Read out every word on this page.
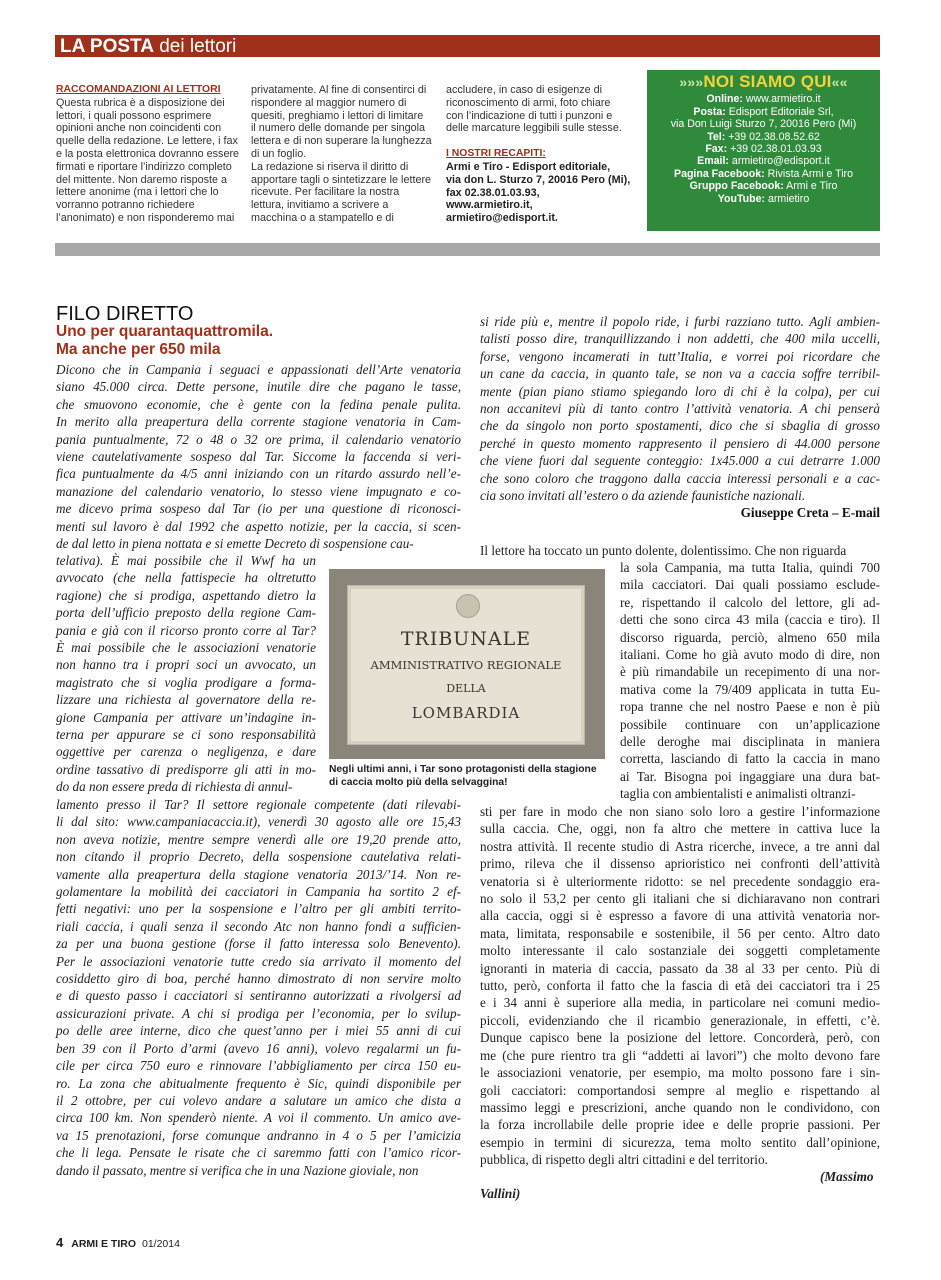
LA POSTA dei lettori

RACCOMANDAZIONI AI LETTORI

Questa rubrica è a disposizione dei
lettori, i quali possono esprimere
opinioni anche non coincidenti con
quelle della redazione. Le lettere, i fax
e la posta elettronica dovranno essere
firmati e riportare l’indirizzo completo
del mittente. Non daremo risposte a
lettere anonime (ma i lettori che lo
vorranno potranno richiedere
l’anonimato) e non risponderemo mai
privatamente. Al fine di consentirci di
rispondere al maggior numero di
quesiti, preghiamo i lettori di limitare
il numero delle domande per singola
lettera e di non superare la lunghezza
di un foglio.
La redazione si riserva il diritto di
apportare tagli o sintetizzare le lettere
ricevute. Per facilitare la nostra
lettura, invitiamo a scrivere a
macchina o a stampatello e di
accludere, in caso di esigenze di
riconoscimento di armi, foto chiare
con l’indicazione di tutti i punzoni e
delle marcature leggibili sulle stesse.

I NOSTRI RECAPITI:

Armi e Tiro - Edisport editoriale,
via don L. Sturzo 7, 20016 Pero (Mi),
fax 02.38.01.03.93,
www.armietiro.it,
armietiro@edisport.it.
»»»NOI SIAMO QUI««
Online: www.armietiro.it
Posta: Edisport Editoriale Srl,
via Don Luigi Sturzo 7, 20016 Pero (Mi)
Tel: +39 02.38.08.52.62
Fax: +39 02.38.01.03.93
Email: armietiro@edisport.it
Pagina Facebook: Rivista Armi e Tiro
Gruppo Facebook: Armi e Tiro
YouTube: armietiro
FILO DIRETTO
Uno per quarantaquattromila.
Ma anche per 650 mila
Dicono che in Campania i seguaci e appassionati dell’Arte venatoria
siano 45.000 circa. Dette persone, inutile dire che pagano le tasse,
che smuovono economie, che è gente con la fedina penale pulita.
In merito alla preapertura della corrente stagione venatoria in Cam-
pania puntualmente, 72 o 48 o 32 ore prima, il calendario venatorio
viene cautelativamente sospeso dal Tar. Siccome la faccenda si veri-
fica puntualmente da 4/5 anni iniziando con un ritardo assurdo nell’e-
manazione del calendario venatorio, lo stesso viene impugnato e co-
me dicevo prima sospeso dal Tar (io per una questione di riconosci-
menti sul lavoro è dal 1992 che aspetto notizie, per la caccia, si scen-
de dal letto in piena nottata e si emette Decreto di sospensione cau-
telativa). È mai possibile che il Wwf ha un
avvocato (che nella fattispecie ha oltretutto
ragione) che si prodiga, aspettando dietro la
porta dell’ufficio preposto della regione Cam-
pania e già con il ricorso pronto corre al Tar?
È mai possibile che le associazioni venatorie
non hanno tra i propri soci un avvocato, un
magistrato che si voglia prodigare a forma-
lizzare una richiesta al governatore della re-
gione Campania per attivare un’indagine in-
terna per appurare se ci sono responsabilità
oggettive per carenza o negligenza, e dare
ordine tassativo di predisporre gli atti in mo-
do da non essere preda di richiesta di annul-
lamento presso il Tar? Il settore regionale competente (dati rilevabi-
li dal sito: www.campaniacaccia.it), venerdì 30 agosto alle ore 15,43
non aveva notizie, mentre sempre venerdì alle ore 19,20 prende atto,
non citando il proprio Decreto, della sospensione cautelativa relati-
vamente alla preapertura della stagione venatoria 2013/’14. Non re-
golamentare la mobilità dei cacciatori in Campania ha sortito 2 ef-
fetti negativi: uno per la sospensione e l’altro per gli ambiti territo-
riali caccia, i quali senza il secondo Atc non hanno fondi a sufficien-
za per una buona gestione (forse il fatto interessa solo Benevento).
Per le associazioni venatorie tutte credo sia arrivato il momento del
cosiddetto giro di boa, perché hanno dimostrato di non servire molto
e di questo passo i cacciatori si sentiranno autorizzati a rivolgersi ad
assicurazioni private. A chi si prodiga per l’economia, per lo svilup-
po delle aree interne, dico che quest’anno per i miei 55 anni di cui
ben 39 con il Porto d’armi (avevo 16 anni), volevo regalarmi un fu-
cile per circa 750 euro e rinnovare l’abbigliamento per circa 150 eu-
ro. La zona che abitualmente frequento è Sic, quindi disponibile per
il 2 ottobre, per cui volevo andare a salutare un amico che dista a
circa 100 km. Non spenderò niente. A voi il commento. Un amico ave-
va 15 prenotazioni, forse comunque andranno in 4 o 5 per l’amicizia
che li lega. Pensate le risate che ci saremmo fatti con l’amico ricor-
dando il passato, mentre si verifica che in una Nazione gioviale, non
si ride più e, mentre il popolo ride, i furbi razziano tutto. Agli ambien-
talisti posso dire, tranquillizzando i non addetti, che 400 mila uccelli,
forse, vengono incamerati in tutt’Italia, e vorrei poi ricordare che
un cane da caccia, in quanto tale, se non va a caccia soffre terribil-
mente (pian piano stiamo spiegando loro di chi è la colpa), per cui
non accanitevi più di tanto contro l’attività venatoria. A chi penserà
che da singolo non porto spostamenti, dico che si sbaglia di grosso
perché in questo momento rappresento il pensiero di 44.000 persone
che viene fuori dal seguente conteggio: 1x45.000 a cui detrarre 1.000
che sono coloro che traggono dalla caccia interessi personali e a cac-
cia sono invitati all’estero o da aziende faunistiche nazionali.
Giuseppe Creta – E-mail
TRIBUNALE
AMMINISTRATIVO REGIONALE
DELLA
LOMBARDIA
Negli ultimi anni, i Tar sono protagonisti della stagione
di caccia molto più della selvaggina!
Il lettore ha toccato un punto dolente, dolentissimo. Che non riguarda
la sola Campania, ma tutta Italia, quindi 700
mila cacciatori. Dai quali possiamo esclude-
re, rispettando il calcolo del lettore, gli ad-
detti che sono circa 43 mila (caccia e tiro). Il
discorso riguarda, perciò, almeno 650 mila
italiani. Come ho già avuto modo di dire, non
è più rimandabile un recepimento di una nor-
mativa come la 79/409 applicata in tutta Eu-
ropa tranne che nel nostro Paese e non è più
possibile continuare con un’applicazione
delle deroghe mai disciplinata in maniera
corretta, lasciando di fatto la caccia in mano
ai Tar. Bisogna poi ingaggiare una dura bat-
taglia con ambientalisti e animalisti oltranzi-
sti per fare in modo che non siano solo loro a gestire l’informazione
sulla caccia. Che, oggi, non fa altro che mettere in cattiva luce la
nostra attività. Il recente studio di Astra ricerche, invece, a tre anni dal
primo, rileva che il dissenso aprioristico nei confronti dell’attività
venatoria si è ulteriormente ridotto: se nel precedente sondaggio era-
no solo il 53,2 per cento gli italiani che si dichiaravano non contrari
alla caccia, oggi si è espresso a favore di una attività venatoria nor-
mata, limitata, responsabile e sostenibile, il 56 per cento. Altro dato
molto interessante il calo sostanziale dei soggetti completamente
ignoranti in materia di caccia, passato da 38 al 33 per cento. Più di
tutto, però, conforta il fatto che la fascia di età dei cacciatori tra i 25
e i 34 anni è superiore alla media, in particolare nei comuni medio-
piccoli, evidenziando che il ricambio generazionale, in effetti, c’è.
Dunque capisco bene la posizione del lettore. Concorderà, però, con
me (che pure rientro tra gli “addetti ai lavori”) che molto devono fare
le associazioni venatorie, per esempio, ma molto possono fare i sin-
goli cacciatori: comportandosi sempre al meglio e rispettando al
massimo leggi e prescrizioni, anche quando non le condividono, con
la forza incrollabile delle proprie idee e delle proprie passioni. Per
esempio in termini di sicurezza, tema molto sentito dall’opinione,
pubblica, di rispetto degli altri cittadini e del territorio.
(Massimo
Vallini)
4 ARMI E TIRO 01/2014
